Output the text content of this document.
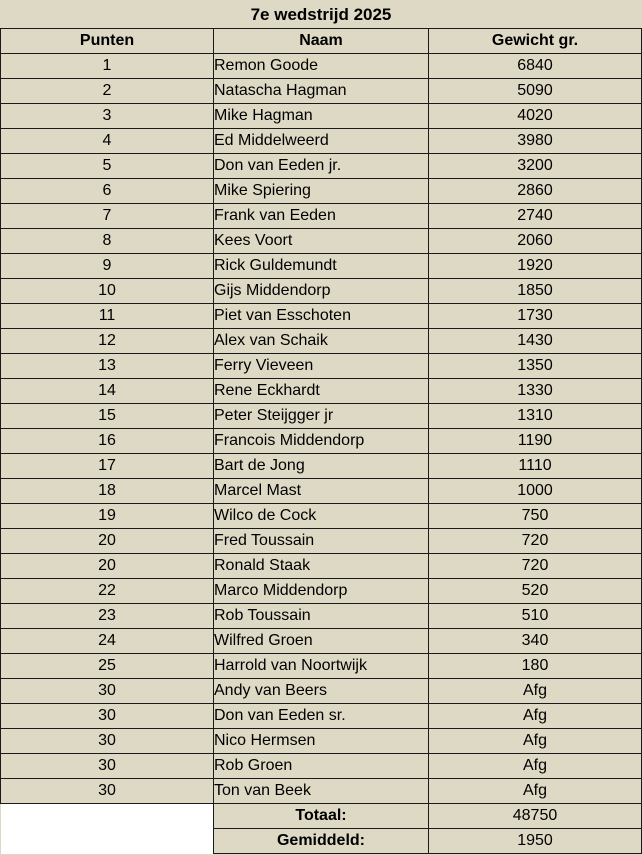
7e wedstrijd 2025
Punten	Naam	Gewicht gr.
1	Remon Goode	6840
2	Natascha Hagman	5090
3	Mike Hagman	4020
4	Ed Middelweerd	3980
5	Don van Eeden jr.	3200
6	Mike Spiering	2860
7	Frank van Eeden	2740
8	Kees Voort	2060
9	Rick Guldemundt	1920
10	Gijs Middendorp	1850
11	Piet van Esschoten	1730
12	Alex van Schaik	1430
13	Ferry Vieveen	1350
14	Rene Eckhardt	1330
15	Peter Steijgger jr	1310
16	Francois Middendorp	1190
17	Bart de Jong	1110
18	Marcel Mast	1000
19	Wilco de Cock	750
20	Fred Toussain	720
20	Ronald Staak	720
22	Marco Middendorp	520
23	Rob Toussain	510
24	Wilfred Groen	340
25	Harrold van Noortwijk	180
30	Andy van Beers	Afg
30	Don van Eeden sr.	Afg
30	Nico Hermsen	Afg
30	Rob Groen	Afg
30	Ton van Beek	Afg
	Totaal:	48750
	Gemiddeld:	1950
